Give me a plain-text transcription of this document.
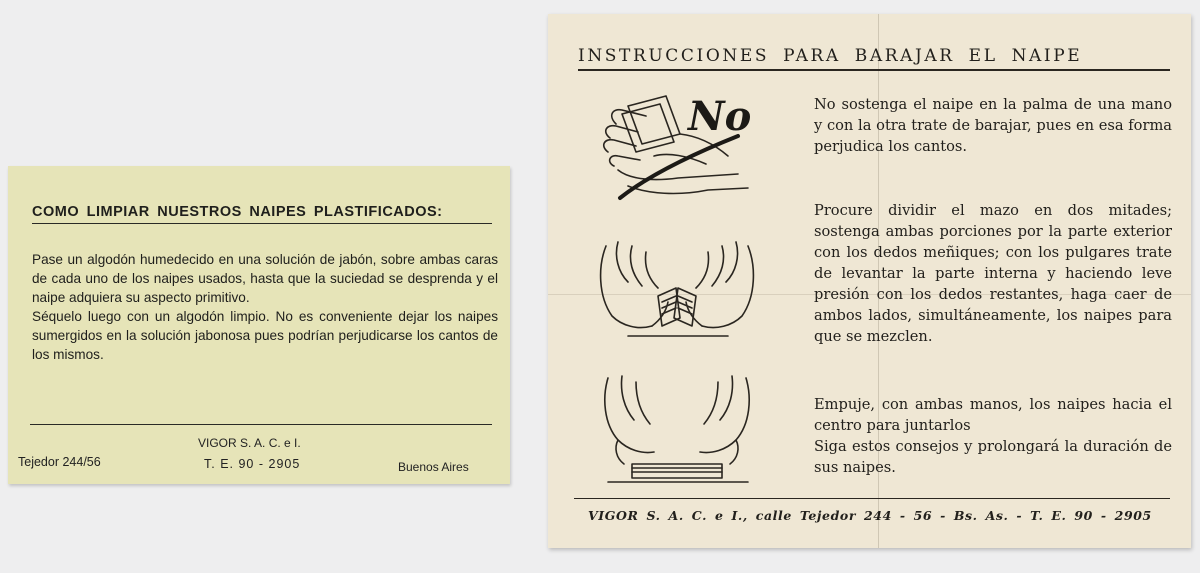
COMO LIMPIAR NUESTROS NAIPES PLASTIFICADOS:

Pase un algodón humedecido en una solución de jabón, sobre ambas caras de cada uno de los naipes usados, hasta que la suciedad se desprenda y el naipe adquiera su aspecto primitivo.

Séquelo luego con un algodón limpio. No es conveniente dejar los naipes sumergidos en la solución jabonosa pues podrían perjudicarse los cantos de los mismos.

VIGOR S. A. C. e I.
Tejedor 244/56	T. E. 90 - 2905	Buenos Aires
INSTRUCCIONES PARA BARAJAR EL NAIPE
No	No sostenga el naipe en la palma de una mano y con la otra trate de barajar, pues en esa forma perjudica los cantos.

Procure dividir el mazo en dos mitades; sostenga ambas porciones por la parte exterior con los dedos meñiques; con los pulgares trate de levantar la parte interna y haciendo leve presión con los dedos restantes, haga caer de ambos lados, simultáneamente, los naipes para que se mezclen.

Empuje, con ambas manos, los naipes hacia el centro para juntarlos
Siga estos consejos y prolongará la duración de sus naipes.
VIGOR S. A. C. e I., calle Tejedor 244 - 56 - Bs. As. - T. E. 90 - 2905
